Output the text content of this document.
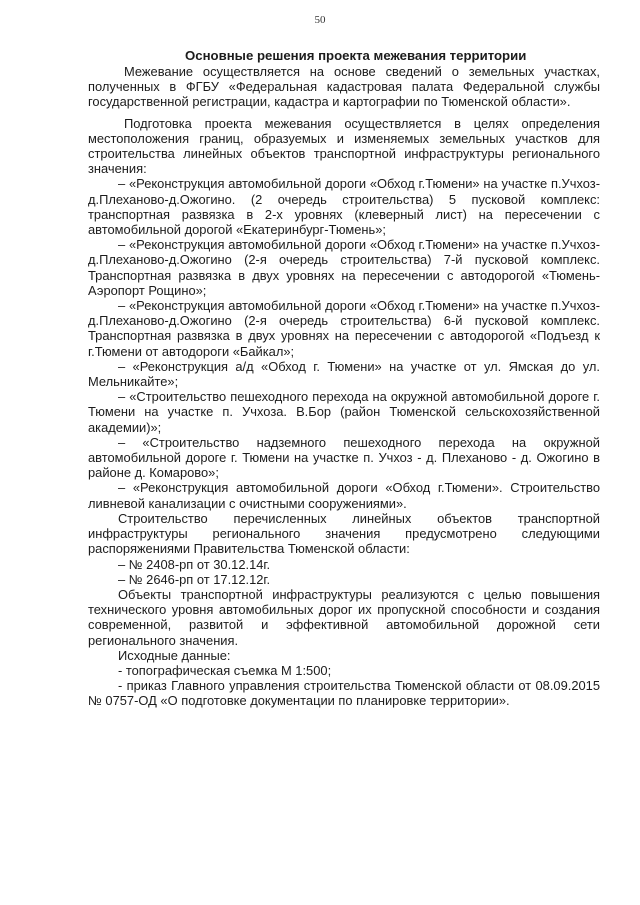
50
Основные решения проекта межевания территории

Межевание осуществляется на основе сведений о земельных участках, полученных в ФГБУ «Федеральная кадастровая палата Федеральной службы государственной регистрации, кадастра и картографии по Тюменской области».

Подготовка проекта межевания осуществляется в целях определения местоположения границ, образуемых и изменяемых земельных участков для строительства линейных объектов транспортной инфраструктуры регионального значения:

– «Реконструкция автомобильной дороги «Обход г.Тюмени» на участке п.Учхоз-д.Плеханово-д.Ожогино. (2 очередь строительства) 5 пусковой комплекс: транспортная развязка в 2-х уровнях (клеверный лист) на пересечении с автомобильной дорогой «Екатеринбург-Тюмень»;

– «Реконструкция автомобильной дороги «Обход г.Тюмени» на участке п.Учхоз-д.Плеханово-д.Ожогино (2-я очередь строительства) 7-й пусковой комплекс. Транспортная развязка в двух уровнях на пересечении с автодорогой «Тюмень-Аэропорт Рощино»;

– «Реконструкция автомобильной дороги «Обход г.Тюмени» на участке п.Учхоз-д.Плеханово-д.Ожогино (2-я очередь строительства) 6-й пусковой комплекс. Транспортная развязка в двух уровнях на пересечении с автодорогой «Подъезд к г.Тюмени от автодороги «Байкал»;

– «Реконструкция а/д «Обход г. Тюмени» на участке от ул. Ямская до ул. Мельникайте»;

– «Строительство пешеходного перехода на окружной автомобильной дороге г. Тюмени на участке п. Учхоза. В.Бор (район Тюменской сельскохозяйственной академии)»;

– «Строительство надземного пешеходного перехода на окружной автомобильной дороге г. Тюмени на участке п. Учхоз - д. Плеханово - д. Ожогино в районе д. Комарово»;

– «Реконструкция автомобильной дороги «Обход г.Тюмени». Строительство ливневой канализации с очистными сооружениями».

Строительство перечисленных линейных объектов транспортной инфраструктуры регионального значения предусмотрено следующими распоряжениями Правительства Тюменской области:

– № 2408-рп от 30.12.14г.

– № 2646-рп от 17.12.12г.

Объекты транспортной инфраструктуры реализуются с целью повышения технического уровня автомобильных дорог их пропускной способности и создания современной, развитой и эффективной автомобильной дорожной сети регионального значения.

Исходные данные:

- топографическая съемка М 1:500;

- приказ Главного управления строительства Тюменской области от 08.09.2015 № 0757-ОД «О подготовке документации по планировке территории».
